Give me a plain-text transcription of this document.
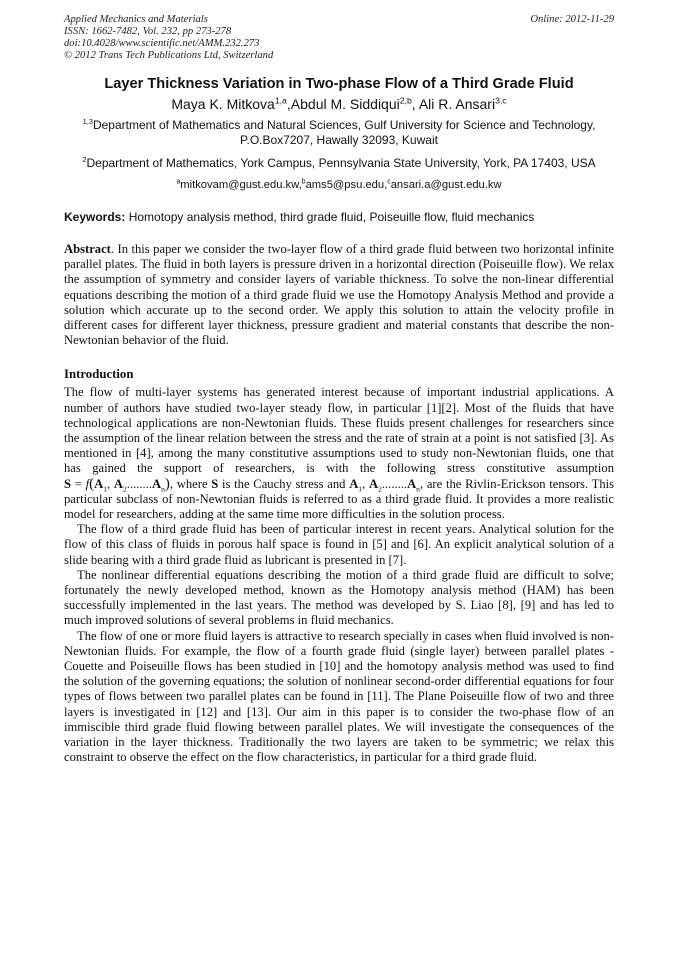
Applied Mechanics and Materials
ISSN: 1662-7482, Vol. 232, pp 273-278
doi:10.4028/www.scientific.net/AMM.232.273
© 2012 Trans Tech Publications Ltd, Switzerland
Online: 2012-11-29
Layer Thickness Variation in Two-phase Flow of a Third Grade Fluid
Maya K. Mitkova$^{1,a}$,Abdul M. Siddiqui$^{2,b}$, Ali R. Ansari$^{3,c}$
$^{1,3}$Department of Mathematics and Natural Sciences, Gulf University for Science and Technology,
P.O.Box7207, Hawally 32093, Kuwait
$^2$Department of Mathematics, York Campus, Pennsylvania State University, York, PA 17403, USA
$^a$mitkovam@gust.edu.kw,$^b$ams5@psu.edu,$^c$ansari.a@gust.edu.kw
Keywords: Homotopy analysis method, third grade fluid, Poiseuille flow, fluid mechanics
Abstract. In this paper we consider the two-layer flow of a third grade fluid between two horizontal infinite parallel plates. The fluid in both layers is pressure driven in a horizontal direction (Poiseuille flow). We relax the assumption of symmetry and consider layers of variable thickness. To solve the non-linear differential equations describing the motion of a third grade fluid we use the Homotopy Analysis Method and provide a solution which accurate up to the second order. We apply this solution to attain the velocity profile in different cases for different layer thickness, pressure gradient and material constants that describe the non-Newtonian behavior of the fluid.
Introduction
The flow of multi-layer systems has generated interest because of important industrial applications. A number of authors have studied two-layer steady flow, in particular [1][2]. Most of the fluids that have technological applications are non-Newtonian fluids. These fluids present challenges for researchers since the assumption of the linear relation between the stress and the rate of strain at a point is not satisfied [3]. As mentioned in [4], among the many constitutive assumptions used to study non-Newtonian fluids, one that has gained the support of researchers, is with the following stress constitutive assumption $S = f(A_1$, $A_2........A_n$), where S is the Cauchy stress and $A_1$, $A_2........A_n$, are the Rivlin-Erickson tensors. This particular subclass of non-Newtonian fluids is referred to as a third grade fluid. It provides a more realistic model for researchers, adding at the same time more difficulties in the solution process.
The flow of a third grade fluid has been of particular interest in recent years. Analytical solution for the flow of this class of fluids in porous half space is found in [5] and [6]. An explicit analytical solution of a slide bearing with a third grade fluid as lubricant is presented in [7].
The nonlinear differential equations describing the motion of a third grade fluid are difficult to solve; fortunately the newly developed method, known as the Homotopy analysis method (HAM) has been successfully implemented in the last years. The method was developed by S. Liao [8], [9] and has led to much improved solutions of several problems in fluid mechanics.
The flow of one or more fluid layers is attractive to research specially in cases when fluid involved is non-Newtonian fluids. For example, the flow of a fourth grade fluid (single layer) between parallel plates - Couette and Poiseuille flows has been studied in [10] and the homotopy analysis method was used to find the solution of the governing equations; the solution of nonlinear second-order differential equations for four types of flows between two parallel plates can be found in [11]. The Plane Poiseuille flow of two and three layers is investigated in [12] and [13]. Our aim in this paper is to consider the two-phase flow of an immiscible third grade fluid flowing between parallel plates. We will investigate the consequences of the variation in the layer thickness. Traditionally the two layers are taken to be symmetric; we relax this constraint to observe the effect on the flow characteristics, in particular for a third grade fluid.
